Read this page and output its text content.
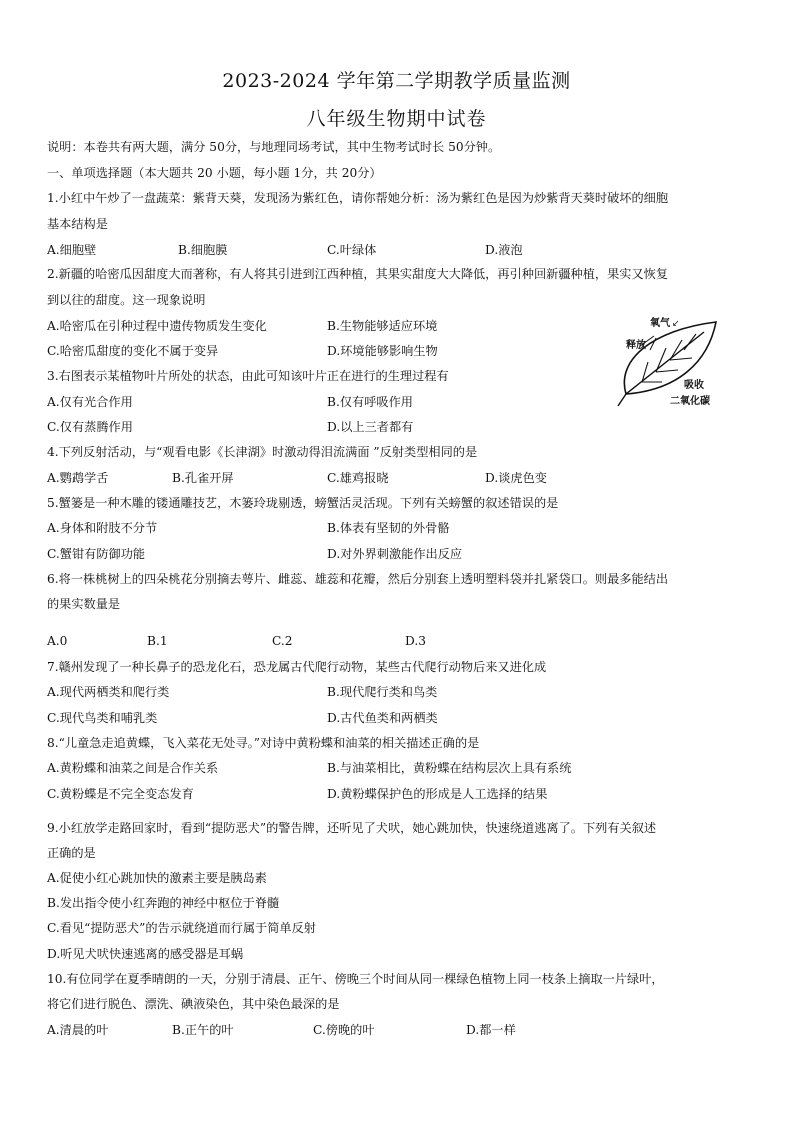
2023-2024 学年第二学期教学质量监测
八年级生物期中试卷
说明：本卷共有两大题，满分 50分，与地理同场考试，其中生物考试时长 50分钟。
一、单项选择题（本大题共 20 小题，每小题 1分，共 20分）
1.小红中午炒了一盘蔬菜：紫背天葵，发现汤为紫红色，请你帮她分析：汤为紫红色是因为炒紫背天葵时破坏的细胞
基本结构是
A.细胞壁	B.细胞膜	C.叶绿体	D.液泡
2.新疆的哈密瓜因甜度大而著称，有人将其引进到江西种植，其果实甜度大大降低，再引种回新疆种植，果实又恢复
到以往的甜度。这一现象说明
A.哈密瓜在引种过程中遗传物质发生变化	B.生物能够适应环境
C.哈密瓜甜度的变化不属于变异	D.环境能够影响生物
3.右图表示某植物叶片所处的状态，由此可知该叶片正在进行的生理过程有
A.仅有光合作用	B.仅有呼吸作用
C.仅有蒸腾作用	D.以上三者都有
氧气 ↙
释放
吸收
二氧化碳
4.下列反射活动，与“观看电影《长津湖》时激动得泪流满面 ”反射类型相同的是
A.鹦鹉学舌	B.孔雀开屏	C.雄鸡报晓	D.谈虎色变
5.蟹篓是一种木雕的镂通雕技艺，木篓玲珑剔透，螃蟹活灵活现。下列有关螃蟹的叙述错误的是
A.身体和附肢不分节	B.体表有坚韧的外骨骼
C.蟹钳有防御功能	D.对外界刺激能作出反应
6.将一株桃树上的四朵桃花分别摘去萼片、雌蕊、雄蕊和花瓣，然后分别套上透明塑料袋并扎紧袋口。则最多能结出
的果实数量是
A.0	B.1	C.2	D.3
7.赣州发现了一种长鼻子的恐龙化石，恐龙属古代爬行动物，某些古代爬行动物后来又进化成
A.现代两栖类和爬行类	B.现代爬行类和鸟类
C.现代鸟类和哺乳类	D.古代鱼类和两栖类
8.“儿童急走追黄蝶，飞入菜花无处寻。”对诗中黄粉蝶和油菜的相关描述正确的是
A.黄粉蝶和油菜之间是合作关系	B.与油菜相比，黄粉蝶在结构层次上具有系统
C.黄粉蝶是不完全变态发育	D.黄粉蝶保护色的形成是人工选择的结果
9.小红放学走路回家时，看到“提防恶犬”的警告牌，还听见了犬吠，她心跳加快，快速绕道逃离了。下列有关叙述
正确的是
A.促使小红心跳加快的激素主要是胰岛素
B.发出指令使小红奔跑的神经中枢位于脊髓
C.看见“提防恶犬”的告示就绕道而行属于简单反射
D.听见犬吠快速逃离的感受器是耳蜗
10.有位同学在夏季晴朗的一天，分别于清晨、正午、傍晚三个时间从同一棵绿色植物上同一枝条上摘取一片绿叶，
将它们进行脱色、漂洗、碘液染色，其中染色最深的是
A.清晨的叶	B.正午的叶	C.傍晚的叶	D.都一样
